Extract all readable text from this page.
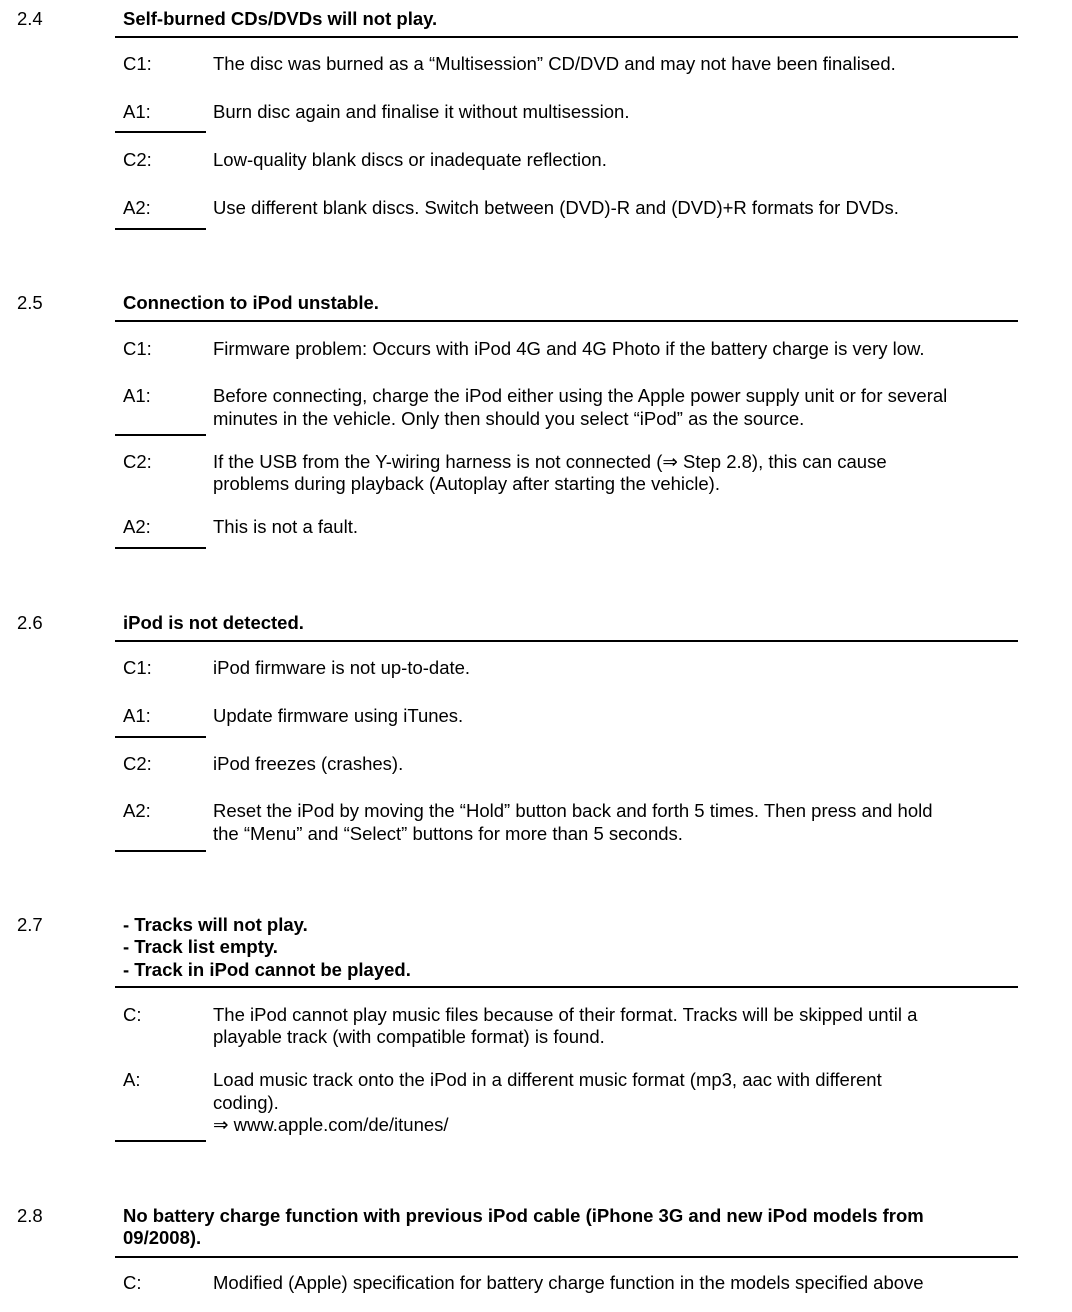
2.4	Self-burned CDs/DVDs will not play.
C1:	The disc was burned as a “Multisession” CD/DVD and may not have been finalised.
A1:	Burn disc again and finalise it without multisession.
C2:	Low-quality blank discs or inadequate reflection.
A2:	Use different blank discs. Switch between (DVD)-R and (DVD)+R formats for DVDs.
2.5	Connection to iPod unstable.
C1:	Firmware problem: Occurs with iPod 4G and 4G Photo if the battery charge is very low.
A1:	Before connecting, charge the iPod either using the Apple power supply unit or for several
minutes in the vehicle. Only then should you select “iPod” as the source.
C2:	If the USB from the Y-wiring harness is not connected (⇒ Step 2.8), this can cause
problems during playback (Autoplay after starting the vehicle).
A2:	This is not a fault.
2.6	iPod is not detected.
C1:	iPod firmware is not up-to-date.
A1:	Update firmware using iTunes.
C2:	iPod freezes (crashes).
A2:	Reset the iPod by moving the “Hold” button back and forth 5 times. Then press and hold
the “Menu” and “Select” buttons for more than 5 seconds.
2.7	- Tracks will not play.
- Track list empty.
- Track in iPod cannot be played.
C:	The iPod cannot play music files because of their format. Tracks will be skipped until a
playable track (with compatible format) is found.
A:	Load music track onto the iPod in a different music format (mp3, aac with different
coding).
⇒ www.apple.com/de/itunes/
2.8	No battery charge function with previous iPod cable (iPhone 3G and new iPod models from
09/2008).
C:	Modified (Apple) specification for battery charge function in the models specified above
